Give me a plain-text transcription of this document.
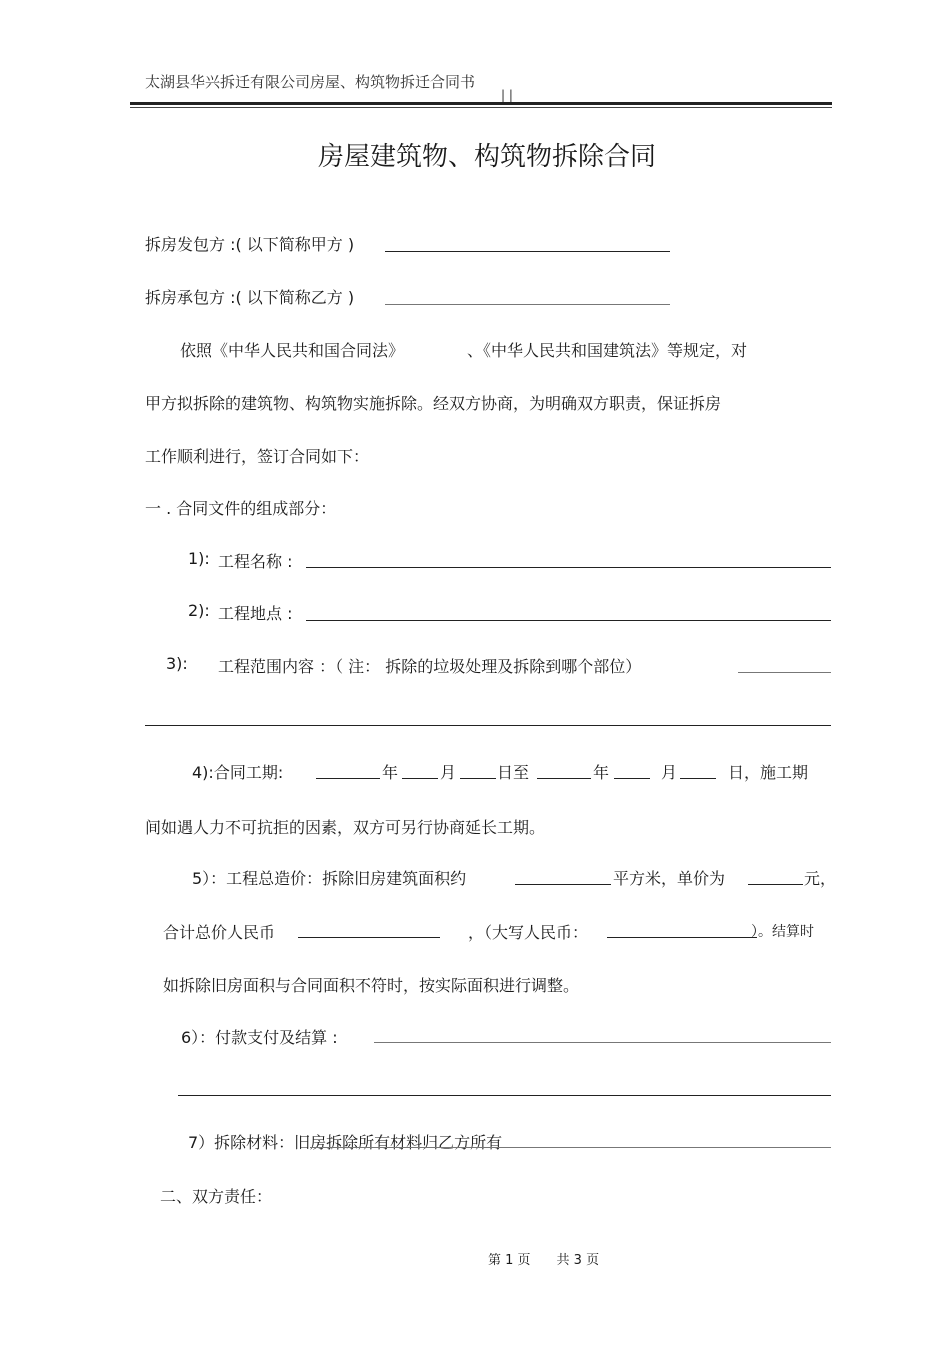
太湖县华兴拆迁有限公司房屋、构筑物拆迁合同书
| |
房屋建筑物、构筑物拆除合同
拆房发包方 :( 以下简称甲方 )
拆房承包方 :( 以下简称乙方 )
依照《中华人民共和国合同法》	、《中华人民共和国建筑法》等规定，对
甲方拟拆除的建筑物、构筑物实施拆除。经双方协商，为明确双方职责，保证拆房
工作顺利进行，签订合同如下：
一 . 合同文件的组成部分：
1): 工程名称 :
2): 工程地点 :
3): 工程范围内容 ：（ 注： 拆除的垃圾处理及拆除到哪个部位）
4):合同工期:	年	月	日至	年	月	日，施工期
间如遇人力不可抗拒的因素，双方可另行协商延长工期。
5）：工程总造价：拆除旧房建筑面积约	平方米，单价为	元，
合计总价人民币	，（大写人民币：	）。结算时
如拆除旧房面积与合同面积不符时，按实际面积进行调整。
6）：付款支付及结算 :
7）拆除材料：旧房拆除所有材料归乙方所有
二、双方责任：
第 1 页　　共 3 页
